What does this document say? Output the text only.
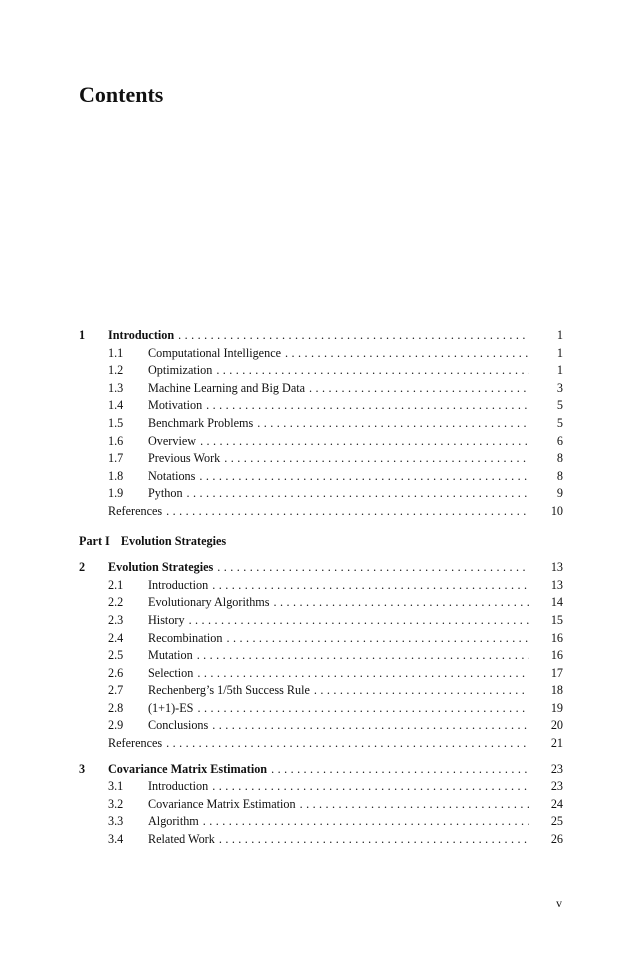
Contents
1	Introduction . . .	1
1.1	Computational Intelligence . . .	1
1.2	Optimization . . .	1
1.3	Machine Learning and Big Data . . .	3
1.4	Motivation . . .	5
1.5	Benchmark Problems . . .	5
1.6	Overview . . .	6
1.7	Previous Work . . .	8
1.8	Notations . . .	8
1.9	Python . . .	9
References . . .	10
Part I Evolution Strategies
2	Evolution Strategies . . .	13
2.1	Introduction . . .	13
2.2	Evolutionary Algorithms . . .	14
2.3	History . . .	15
2.4	Recombination . . .	16
2.5	Mutation . . .	16
2.6	Selection . . .	17
2.7	Rechenberg’s 1/5th Success Rule . . .	18
2.8	(1+1)-ES . . .	19
2.9	Conclusions . . .	20
References . . .	21
3	Covariance Matrix Estimation . . .	23
3.1	Introduction . . .	23
3.2	Covariance Matrix Estimation . . .	24
3.3	Algorithm . . .	25
3.4	Related Work . . .	26
v
